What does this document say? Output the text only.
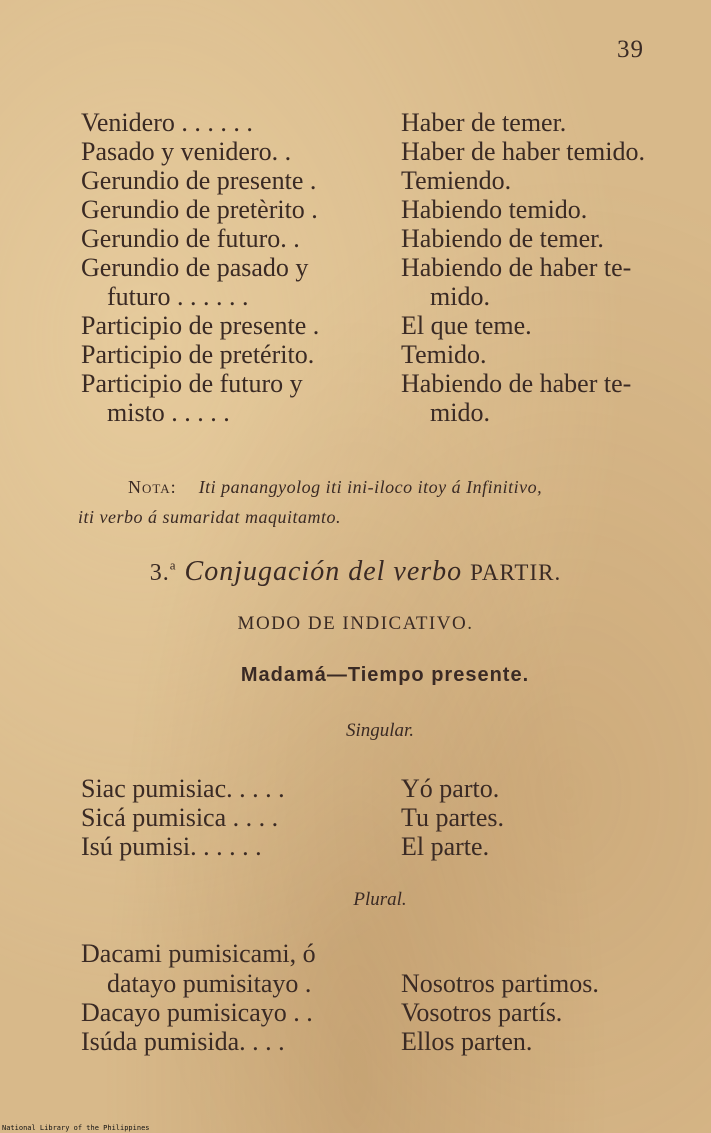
39
Venidero . . . . . .	Haber de temer.
Pasado y venidero. .	Haber de haber temido.
Gerundio de presente .	Temiendo.
Gerundio de pretèrito .	Habiendo temido.
Gerundio de futuro. .	Habiendo de temer.
Gerundio de pasado y	Habiendo de haber te-
futuro . . . . . .	mido.
Participio de presente .	El que teme.
Participio de pretérito.	Temido.
Participio de futuro y	Habiendo de haber te-
misto . . . . .	mido.
Nota: Iti panangyolog iti ini-iloco itoy á Infinitivo,
iti verbo á sumaridat maquitamto.
3.$^a$ Conjugación del verbo PARTIR.
MODO DE INDICATIVO.
Madamá—Tiempo presente.
Singular.
Siac pumisiac. . . . .	Yó parto.
Sicá pumisica . . . .	Tu partes.
Isú pumisi. . . . . .	El parte.
Plural.
Dacami pumisicami, ó
datayo pumisitayo .	Nosotros partimos.
Dacayo pumisicayo . .	Vosotros partís.
Isúda pumisida. . . .	Ellos parten.
National Library of the Philippines
